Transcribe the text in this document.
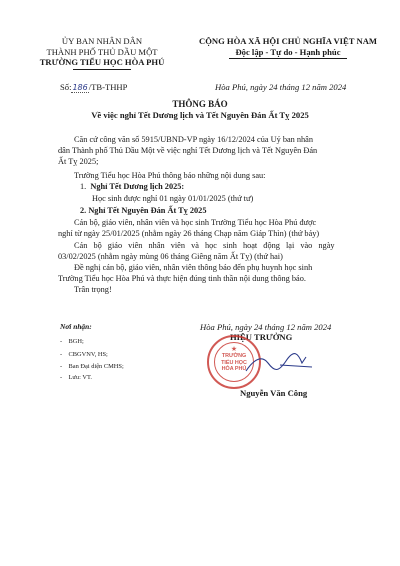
ỦY BAN NHÂN DÂN
THÀNH PHỐ THỦ DẦU MỘT
TRƯỜNG TIỂU HỌC HÒA PHÚ
CỘNG HÒA XÃ HỘI CHỦ NGHĨA VIỆT NAM
Độc lập - Tự do - Hạnh phúc
Số:186/TB-THHP	Hòa Phú, ngày 24 tháng 12 năm 2024
THÔNG BÁO
Về việc nghỉ Tết Dương lịch và Tết Nguyên Đán Ất Tỵ 2025
Căn cứ công văn số 5915/UBND-VP ngày 16/12/2024 của Uỷ ban nhân
dân Thành phố Thủ Dầu Một về việc nghỉ Tết Dương lịch và Tết Nguyên Đán
Ất Tỵ 2025;
Trường Tiểu học Hòa Phú thông báo những nội dung sau:
1. Nghỉ Tết Dương lịch 2025:
Học sinh được nghỉ 01 ngày 01/01/2025 (thứ tư)
2. Nghỉ Tết Nguyên Đán Ất Tỵ 2025
Cán bộ, giáo viên, nhân viên và học sinh Trường Tiểu học Hòa Phú được
nghỉ từ ngày 25/01/2025 (nhằm ngày 26 tháng Chạp năm Giáp Thìn) (thứ bảy)
Cán bộ giáo viên nhân viên và học sinh hoạt động lại vào ngày
03/02/2025 (nhằm ngày mùng 06 tháng Giêng năm Ất Tỵ) (thứ hai)
Đề nghị cán bộ, giáo viên, nhân viên thông báo đến phụ huynh học sinh
Trường Tiểu học Hòa Phú và thực hiện đúng tinh thần nội dung thông báo.
Trân trọng!
Nơi nhận:
-    BGH;
-    CBGVNV, HS;
-    Ban Đại diện CMHS;
-    Lưu: VT.
Hòa Phú, ngày 24 tháng 12 năm 2024
HIỆU TRƯỞNG
★
TRƯỜNG
TIỂU HỌC
HÒA PHÚ
Nguyễn Văn Công
